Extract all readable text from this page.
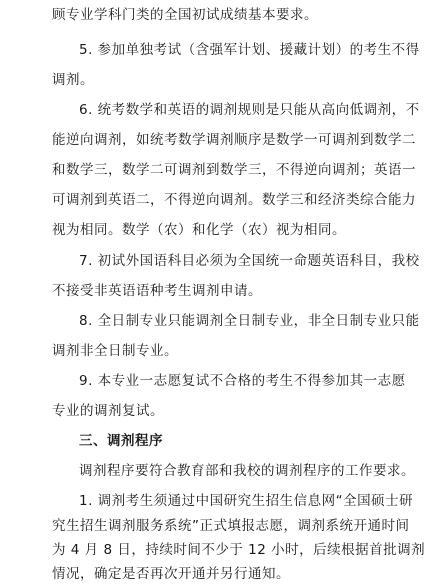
顾专业学科门类的全国初试成绩基本要求。
5. 参加单独考试（含强军计划、援藏计划）的考生不得
调剂。
6. 统考数学和英语的调剂规则是只能从高向低调剂，不
能逆向调剂，如统考数学调剂顺序是数学一可调剂到数学二
和数学三，数学二可调剂到数学三，不得逆向调剂；英语一
可调剂到英语二，不得逆向调剂。数学三和经济类综合能力
视为相同。数学（农）和化学（农）视为相同。
7. 初试外国语科目必须为全国统一命题英语科目，我校
不接受非英语语种考生调剂申请。
8. 全日制专业只能调剂全日制专业，非全日制专业只能
调剂非全日制专业。
9. 本专业一志愿复试不合格的考生不得参加其一志愿
专业的调剂复试。
三、调剂程序
调剂程序要符合教育部和我校的调剂程序的工作要求。
1. 调剂考生须通过中国研究生招生信息网“全国硕士研
究生招生调剂服务系统”正式填报志愿，调剂系统开通时间
为 4 月 8 日，持续时间不少于 12 小时，后续根据首批调剂
情况，确定是否再次开通并另行通知。
